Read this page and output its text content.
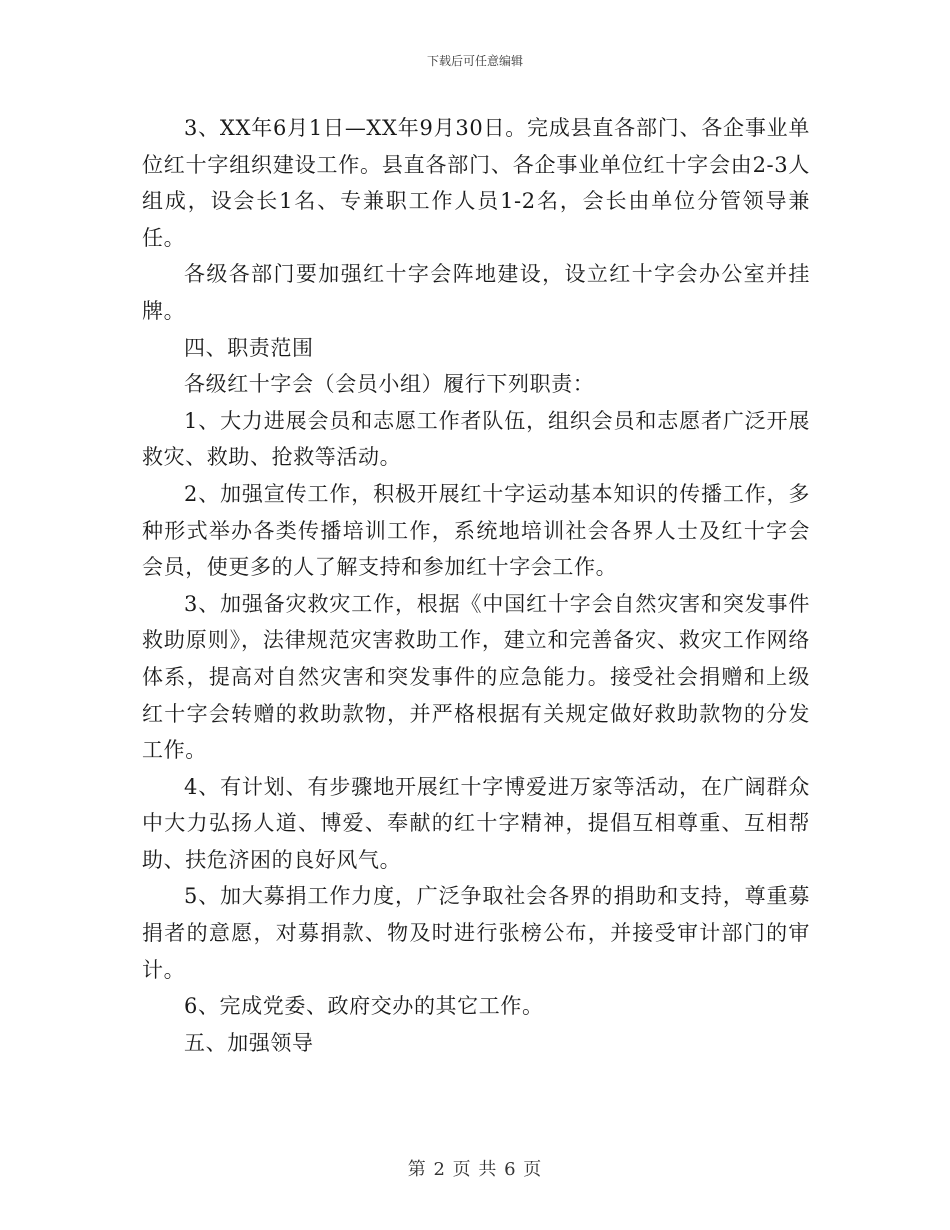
下载后可任意编辑

3、XX年6月1日—XX年9月30日。完成县直各部门、各企事业单位红十字组织建设工作。县直各部门、各企事业单位红十字会由2-3人组成，设会长1名、专兼职工作人员1-2名，会长由单位分管领导兼任。

各级各部门要加强红十字会阵地建设，设立红十字会办公室并挂牌。

四、职责范围

各级红十字会（会员小组）履行下列职责：

1、大力进展会员和志愿工作者队伍，组织会员和志愿者广泛开展救灾、救助、抢救等活动。

2、加强宣传工作，积极开展红十字运动基本知识的传播工作，多种形式举办各类传播培训工作，系统地培训社会各界人士及红十字会会员，使更多的人了解支持和参加红十字会工作。

3、加强备灾救灾工作，根据《中国红十字会自然灾害和突发事件救助原则》，法律规范灾害救助工作，建立和完善备灾、救灾工作网络体系，提高对自然灾害和突发事件的应急能力。接受社会捐赠和上级红十字会转赠的救助款物，并严格根据有关规定做好救助款物的分发工作。

4、有计划、有步骤地开展红十字博爱进万家等活动，在广阔群众中大力弘扬人道、博爱、奉献的红十字精神，提倡互相尊重、互相帮助、扶危济困的良好风气。

5、加大募捐工作力度，广泛争取社会各界的捐助和支持，尊重募捐者的意愿，对募捐款、物及时进行张榜公布，并接受审计部门的审计。

6、完成党委、政府交办的其它工作。

五、加强领导

第 2 页 共 6 页
